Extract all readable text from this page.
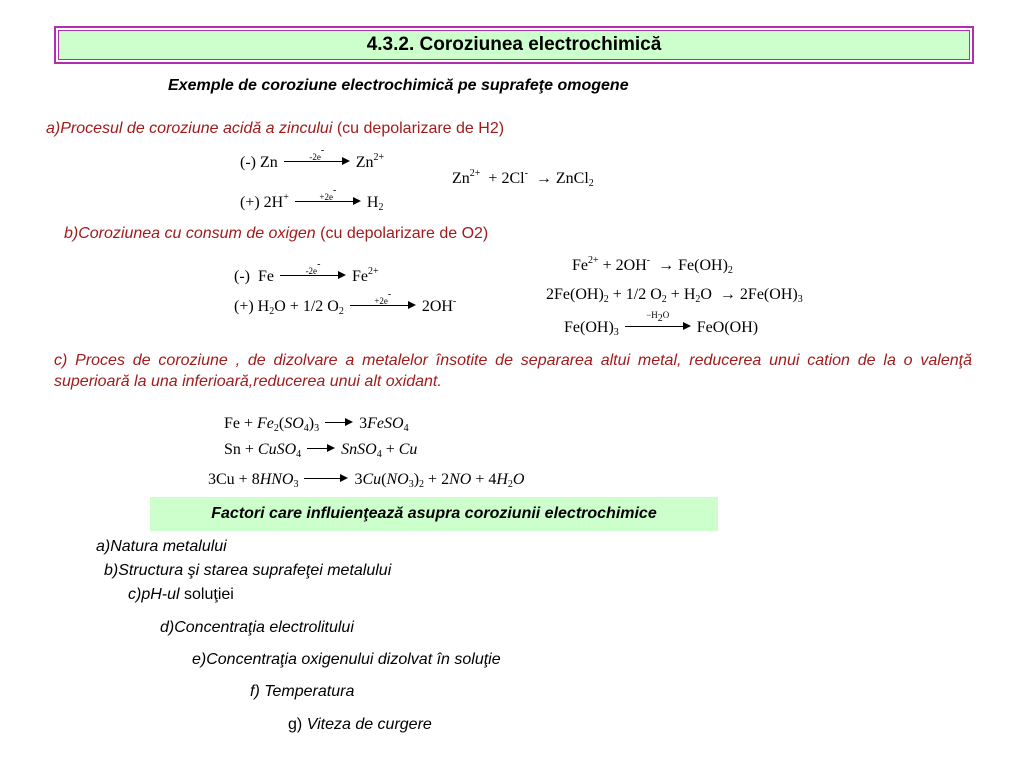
4.3.2. Coroziunea electrochimică
Exemple de coroziune electrochimică pe suprafeţe omogene
a)Procesul de coroziune acidă a zincului (cu depolarizare de H2)
(-) Zn	-2e-
$Zn^{2+}$
(+) 2H+	+2e-
$H_2$
$Zn^{2+} + 2Cl^-$  → ZnCl$_2$
b)Coroziunea cu consum de oxigen (cu depolarizare de O2)
(-)  Fe	-2e-
$Fe^{2+}$
(+) $H_2O + 1/2$ $O_2$
+2e-
2OH-
$Fe^{2+} + 2OH^- \to Fe(OH)_2$
$2Fe(OH)_2 + 1/2$ $O_2 + H_2O \to 2Fe(OH)_3$
$Fe(OH)_3$
$-H_2O$
FeO(OH)
c) Proces de coroziune , de dizolvare a metalelor însotite de separarea altui metal, reducerea unui cation de la o valenţă superioară la una inferioară,reducerea unui alt oxidant.
$Fe + Fe_2(SO_4)_3$
3FeSO$_4$
Sn + CuSO$_4$	SnSO$_4$ + Cu
$3Cu + 8HNO_3$	$3Cu(NO_3)_2 + 2NO + 4H_2O$
Factori care influienţează asupra coroziunii electrochimice
a)Natura metalului
b)Structura şi starea suprafeţei metalului
c)pH-ul soluţiei
d)Concentraţia electrolitului
e)Concentraţia oxigenului dizolvat în soluţie
f) Temperatura
g) Viteza de curgere
